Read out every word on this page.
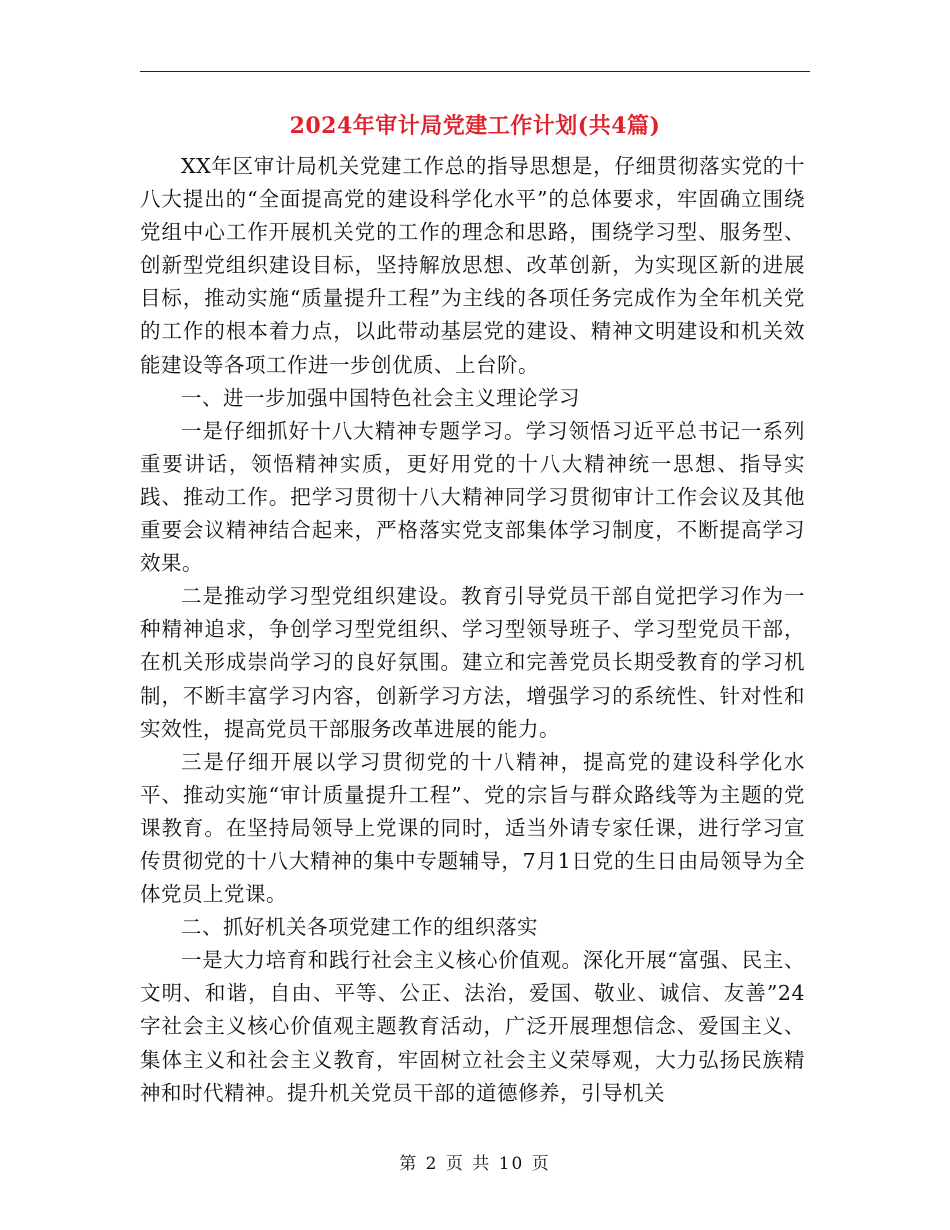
2024年审计局党建工作计划(共4篇)

XX年区审计局机关党建工作总的指导思想是，仔细贯彻落实党的十八大提出的“全面提高党的建设科学化水平”的总体要求，牢固确立围绕党组中心工作开展机关党的工作的理念和思路，围绕学习型、服务型、创新型党组织建设目标，坚持解放思想、改革创新，为实现区新的进展目标，推动实施“质量提升工程”为主线的各项任务完成作为全年机关党的工作的根本着力点，以此带动基层党的建设、精神文明建设和机关效能建设等各项工作进一步创优质、上台阶。

一、进一步加强中国特色社会主义理论学习

一是仔细抓好十八大精神专题学习。学习领悟习近平总书记一系列重要讲话，领悟精神实质，更好用党的十八大精神统一思想、指导实践、推动工作。把学习贯彻十八大精神同学习贯彻审计工作会议及其他重要会议精神结合起来，严格落实党支部集体学习制度，不断提高学习效果。

二是推动学习型党组织建设。教育引导党员干部自觉把学习作为一种精神追求，争创学习型党组织、学习型领导班子、学习型党员干部，在机关形成崇尚学习的良好氛围。建立和完善党员长期受教育的学习机制，不断丰富学习内容，创新学习方法，增强学习的系统性、针对性和实效性，提高党员干部服务改革进展的能力。

三是仔细开展以学习贯彻党的十八精神，提高党的建设科学化水平、推动实施“审计质量提升工程”、党的宗旨与群众路线等为主题的党课教育。在坚持局领导上党课的同时，适当外请专家任课，进行学习宣传贯彻党的十八大精神的集中专题辅导，7月1日党的生日由局领导为全体党员上党课。

二、抓好机关各项党建工作的组织落实

一是大力培育和践行社会主义核心价值观。深化开展“富强、民主、文明、和谐，自由、平等、公正、法治，爱国、敬业、诚信、友善”24字社会主义核心价值观主题教育活动，广泛开展理想信念、爱国主义、集体主义和社会主义教育，牢固树立社会主义荣辱观，大力弘扬民族精神和时代精神。提升机关党员干部的道德修养，引导机关

第 2 页 共 10 页
